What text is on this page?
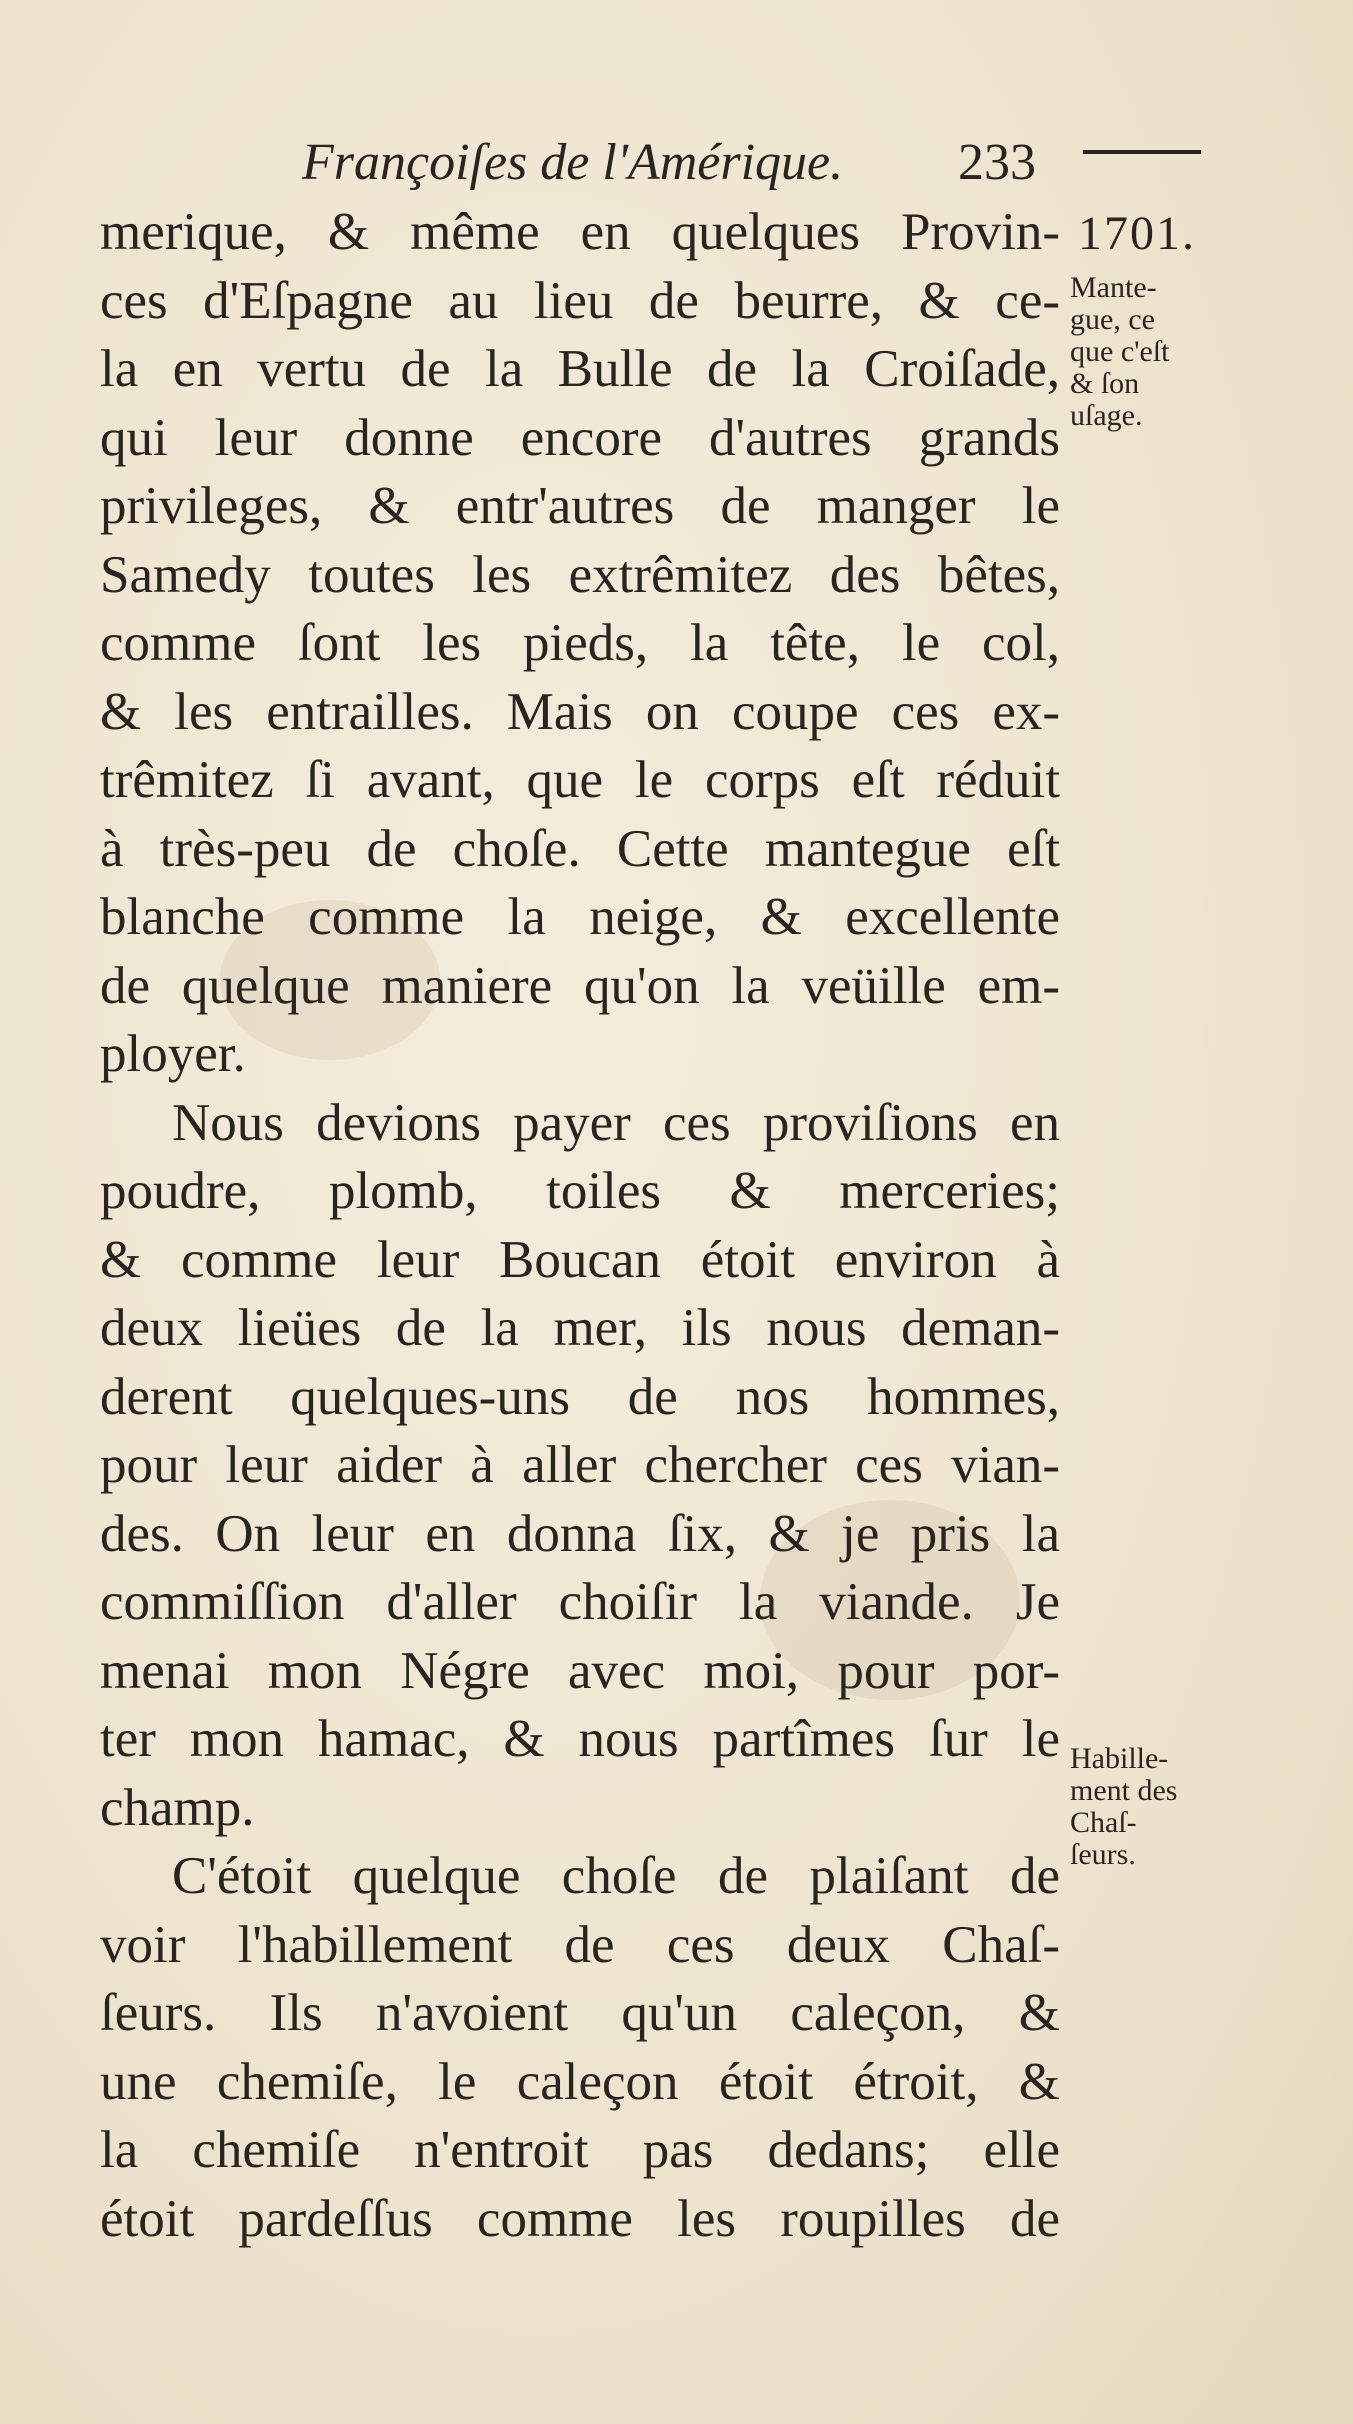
Françoiſes de l'Amérique. 233
1701.
Mante-
gue, ce
que c'eſt
& ſon
uſage.
Habille-
ment des
Chaſ-
ſeurs.
merique, & même en quelques Provin-
ces d'Eſpagne au lieu de beurre, & ce-
la en vertu de la Bulle de la Croiſade,
qui leur donne encore d'autres grands
privileges, & entr'autres de manger le
Samedy toutes les extrêmitez des bêtes,
comme ſont les pieds, la tête, le col,
& les entrailles. Mais on coupe ces ex-
trêmitez ſi avant, que le corps eſt réduit
à très-peu de choſe. Cette mantegue eſt
blanche comme la neige, & excellente
de quelque maniere qu'on la veüille em-
ployer.
Nous devions payer ces proviſions en
poudre, plomb, toiles & merceries;
& comme leur Boucan étoit environ à
deux lieües de la mer, ils nous deman-
derent quelques-uns de nos hommes,
pour leur aider à aller chercher ces vian-
des. On leur en donna ſix, & je pris la
commiſſion d'aller choiſir la viande. Je
menai mon Négre avec moi, pour por-
ter mon hamac, & nous partîmes ſur le
champ.
C'étoit quelque choſe de plaiſant de
voir l'habillement de ces deux Chaſ-
ſeurs. Ils n'avoient qu'un caleçon, &
une chemiſe, le caleçon étoit étroit, &
la chemiſe n'entroit pas dedans; elle
étoit pardeſſus comme les roupilles de
